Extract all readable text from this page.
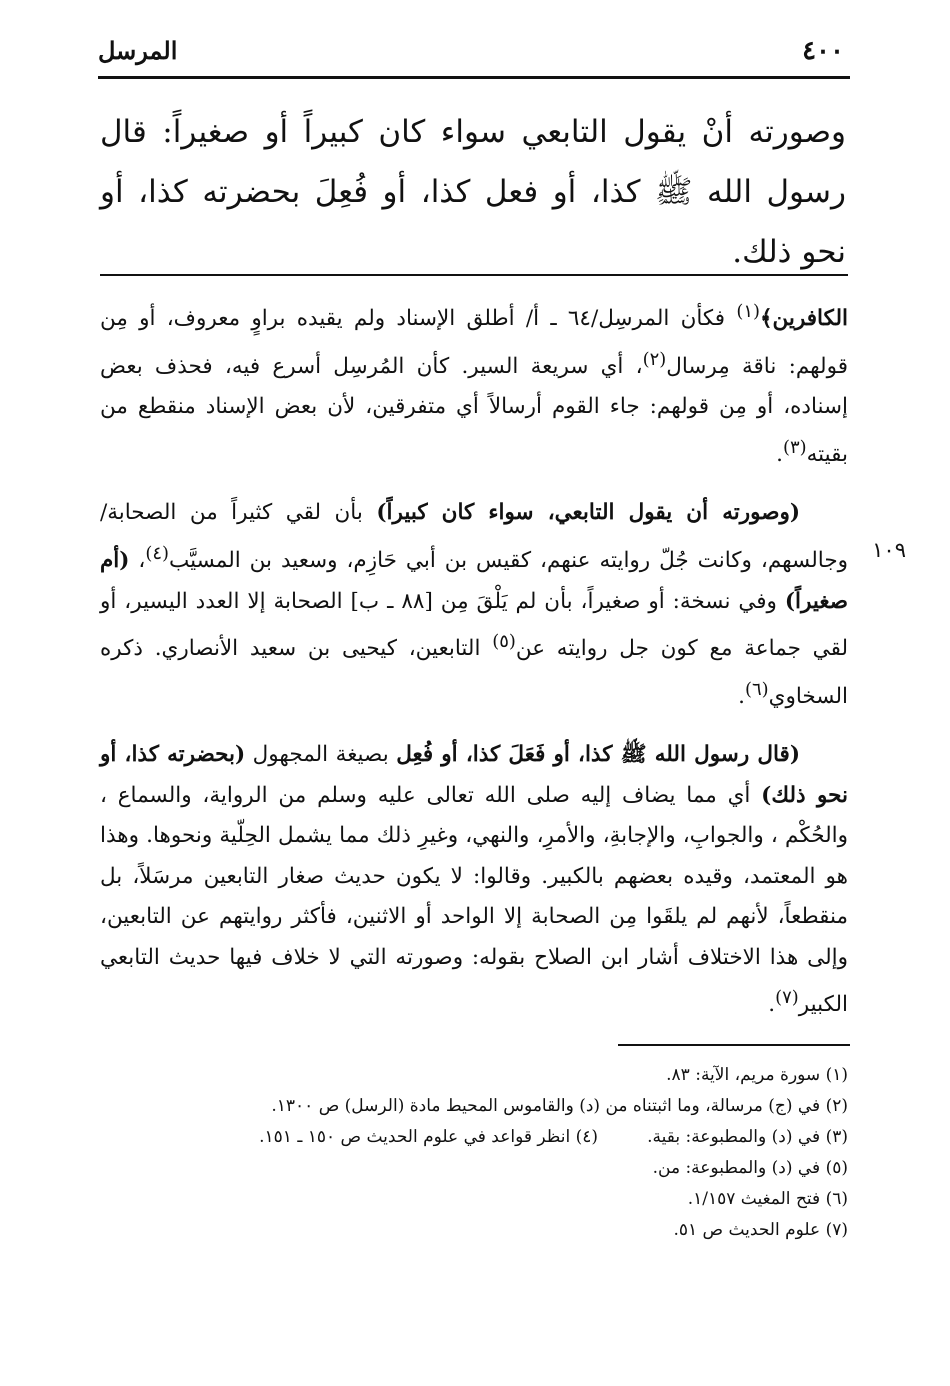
٤٠٠
المرسل
وصورته أنْ يقول التابعي سواء كان كبيراً أو صغيراً: قال رسول الله ﷺ كذا، أو فعل كذا، أو فُعِلَ بحضرته كذا، أو نحو ذلك.
١٠٩

الكافرين﴾$^{(١)}$ فكأن المرسِل/٦٤ ـ أ/ أطلق الإسناد ولم يقيده براوٍ معروف، أو مِن قولهم: ناقة مِرسال$^{(٢)}$، أي سريعة السير. كأن المُرسِل أسرع فيه، فحذف بعض إسناده، أو مِن قولهم: جاء القوم أرسالاً أي متفرقين، لأن بعض الإسناد منقطع من بقيته$^{(٣)}$.

(وصورته أن يقول التابعي، سواء كان كبيراً) بأن لقي كثيراً من الصحابة/ وجالسهم، وكانت جُلّ روايته عنهم، كقيس بن أبي حَازِم، وسعيد بن المسيَّب$^{(٤)}$، (أم صغيراً) وفي نسخة: أو صغيراً، بأن لم يَلْقَ مِن [٨٨ ـ ب] الصحابة إلا العدد اليسير، أو لقي جماعة مع كون جل روايته عن$^{(٥)}$ التابعين، كيحيى بن سعيد الأنصاري. ذكره السخاوي$^{(٦)}$.

(قال رسول الله ﷺ كذا، أو فَعَلَ كذا، أو فُعِل بصيغة المجهول (بحضرته كذا، أو نحو ذلك) أي مما يضاف إليه صلى الله تعالى عليه وسلم من الرواية، والسماع ، والحُكْم ، والجوابِ، والإجابةِ، والأمرِ، والنهي، وغيرِ ذلك مما يشمل الحِلّية ونحوها. وهذا هو المعتمد، وقيده بعضهم بالكبير. وقالوا: لا يكون حديث صغار التابعين مرسَلاً، بل منقطعاً، لأنهم لم يلقَوا مِن الصحابة إلا الواحد أو الاثنين، فأكثر روايتهم عن التابعين، وإلى هذا الاختلاف أشار ابن الصلاح بقوله: وصورته التي لا خلاف فيها حديث التابعي الكبير$^{(٧)}$.

(١) سورة مريم، الآية: ٨٣.
(٢) في (ج) مرسالة، وما اثبتناه من (د) والقاموس المحيط مادة (الرسل) ص ١٣٠٠.
(٣) في (د) والمطبوعة: بقية.
(٤) انظر قواعد في علوم الحديث ص ١٥٠ ـ ١٥١.
(٥) في (د) والمطبوعة: من.
(٦) فتح المغيث ١/١٥٧.
(٧) علوم الحديث ص ٥١.
